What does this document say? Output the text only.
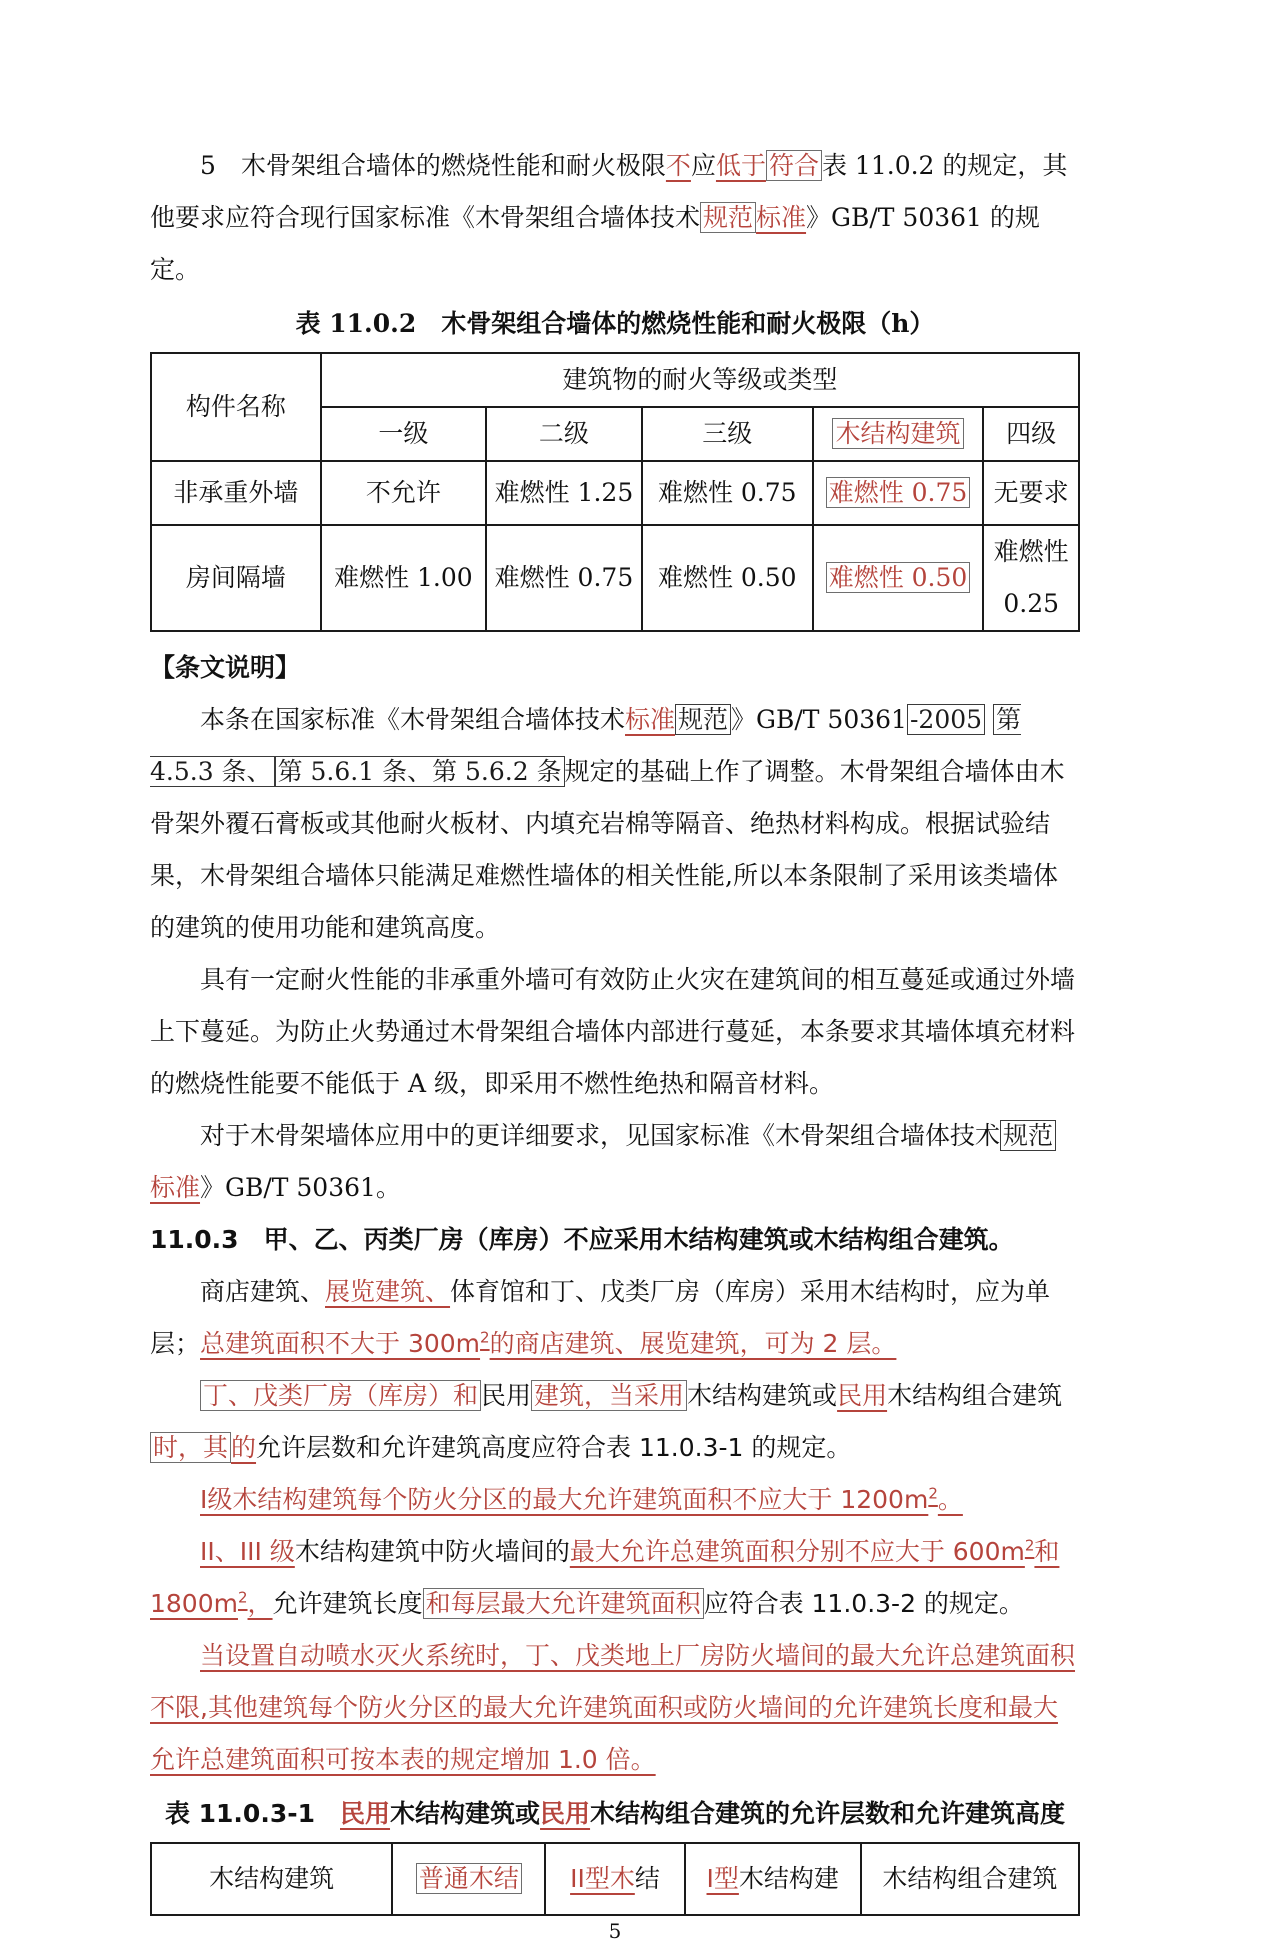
5　木骨架组合墙体的燃烧性能和耐火极限不应低于 符合 表 11.0.2 的规定，其他要求应符合现行国家标准《木骨架组合墙体技术 规范 标准》GB/T 50361 的规定。

表 11.0.2　木骨架组合墙体的燃烧性能和耐火极限（h）

构件名称	建筑物的耐火等级或类型				
	一级	二级	三级	木结构建筑	四级
非承重外墙	不允许	难燃性 1.25	难燃性 0.75	难燃性 0.75	无要求
房间隔墙	难燃性 1.00	难燃性 0.75	难燃性 0.50	难燃性 0.50	难燃性 0.25

【条文说明】

本条在国家标准《木骨架组合墙体技术标准 规范 》GB/T 50361 -2005 第 4.5.3 条、 第 5.6.1 条、第 5.6.2 条 规定的基础上作了调整。木骨架组合墙体由木骨架外覆石膏板或其他耐火板材、内填充岩棉等隔音、绝热材料构成。根据试验结果，木骨架组合墙体只能满足难燃性墙体的相关性能,所以本条限制了采用该类墙体的建筑的使用功能和建筑高度。

具有一定耐火性能的非承重外墙可有效防止火灾在建筑间的相互蔓延或通过外墙上下蔓延。为防止火势通过木骨架组合墙体内部进行蔓延，本条要求其墙体填充材料的燃烧性能要不能低于 A 级，即采用不燃性绝热和隔音材料。

对于木骨架墙体应用中的更详细要求，见国家标准《木骨架组合墙体技术 规范标准》GB/T 50361。

11.0.3　甲、乙、丙类厂房（库房）不应采用木结构建筑或木结构组合建筑。

商店建筑、展览建筑、体育馆和丁、戊类厂房（库房）采用木结构时，应为单层；总建筑面积不大于 $300m^2$的商店建筑、展览建筑，可为 2 层。

丁、戊类厂房（库房）和 民用 建筑，当采用 木结构建筑或民用木结构组合建筑时，其 的允许层数和允许建筑高度应符合表 11.0.3-1 的规定。

I级木结构建筑每个防火分区的最大允许建筑面积不应大于 $1200m^2$。

II、III 级木结构建筑中防火墙间的最大允许总建筑面积分别不应大于 $600m^2$和 $1800m^2$，允许建筑长度 和每层最大允许建筑面积 应符合表 11.0.3-2 的规定。

当设置自动喷水灭火系统时，丁、戊类地上厂房防火墙间的最大允许总建筑面积不限,其他建筑每个防火分区的最大允许建筑面积或防火墙间的允许建筑长度和最大允许总建筑面积可按本表的规定增加 1.0 倍。

表 11.0.3-1　民用木结构建筑或民用木结构组合建筑的允许层数和允许建筑高度

木结构建筑	普通木结	II型木结	I型木结构建	木结构组合建筑

5
